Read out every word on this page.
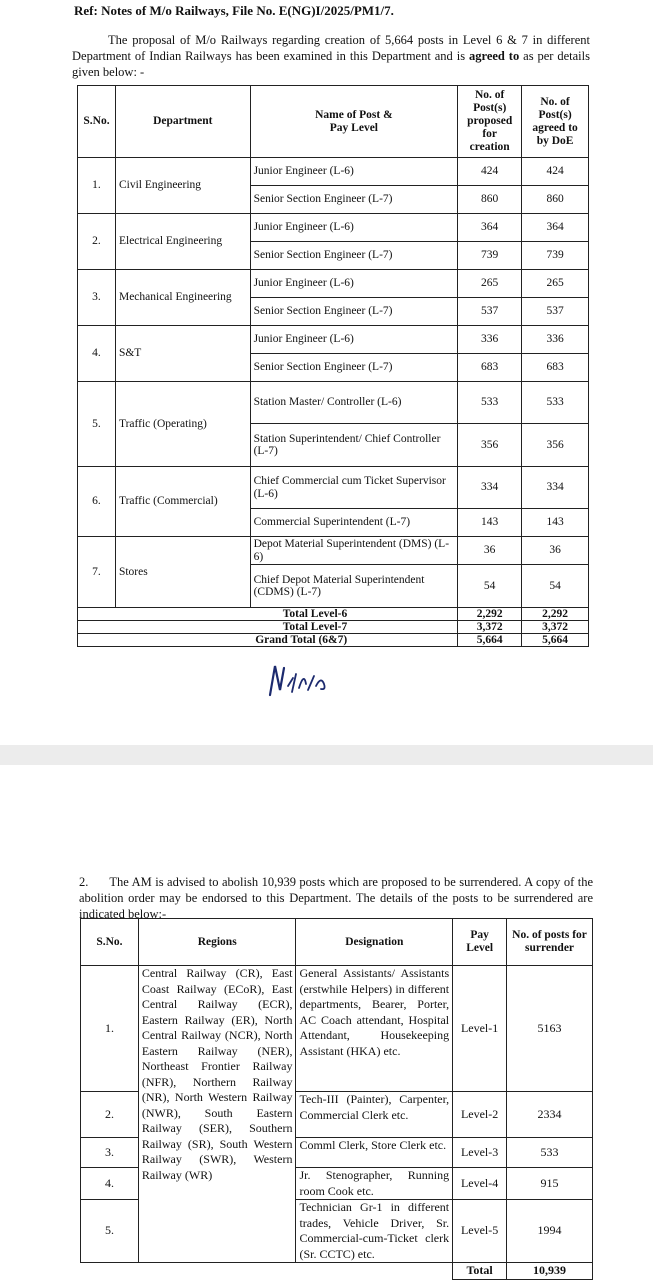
Ref: Notes of M/o Railways, File No. E(NG)I/2025/PM1/7.
The proposal of M/o Railways regarding creation of 5,664 posts in Level 6 & 7 in different Department of Indian Railways has been examined in this Department and is agreed to as per details given below: -
S.No.	Department	Name of Post & Pay Level	No. of Post(s) proposed for creation	No. of Post(s) agreed to by DoE
1.	Civil Engineering	Junior Engineer (L-6)	424	424
		Senior Section Engineer (L-7)	860	860
2.	Electrical Engineering	Junior Engineer (L-6)	364	364
		Senior Section Engineer (L-7)	739	739
3.	Mechanical Engineering	Junior Engineer (L-6)	265	265
		Senior Section Engineer (L-7)	537	537
4.	S&T	Junior Engineer (L-6)	336	336
		Senior Section Engineer (L-7)	683	683
5.	Traffic (Operating)	Station Master/ Controller (L-6)	533	533
		Station Superintendent/ Chief Controller (L-7)	356	356
6.	Traffic (Commercial)	Chief Commercial cum Ticket Supervisor (L-6)	334	334
		Commercial Superintendent (L-7)	143	143
7.	Stores	Depot Material Superintendent (DMS) (L-6)	36	36
		Chief Depot Material Superintendent (CDMS) (L-7)	54	54
Total Level-6			2,292	2,292
Total Level-7			3,372	3,372
Grand Total (6&7)			5,664	5,664
2.      The AM is advised to abolish 10,939 posts which are proposed to be surrendered. A copy of the abolition order may be endorsed to this Department. The details of the posts to be surrendered are indicated below:-
S.No.	Regions	Designation	Pay Level	No. of posts for surrender
1.	Central Railway (CR), East Coast Railway (ECoR), East Central Railway (ECR), Eastern Railway (ER), North Central Railway (NCR), North Eastern Railway (NER), Northeast Frontier Railway (NFR), Northern Railway (NR), North Western Railway (NWR), South Eastern Railway (SER), Southern Railway (SR), South Western Railway (SWR), Western Railway (WR)	General Assistants/ Assistants (erstwhile Helpers) in different departments, Bearer, Porter, AC Coach attendant, Hospital Attendant, Housekeeping Assistant (HKA) etc.	Level-1	5163
2.		Tech-III (Painter), Carpenter, Commercial Clerk etc.	Level-2	2334
3.		Comml Clerk, Store Clerk etc.	Level-3	533
4.		Jr. Stenographer, Running room Cook etc.	Level-4	915
5.		Technician Gr-1 in different trades, Vehicle Driver, Sr. Commercial-cum-Ticket clerk (Sr. CCTC) etc.	Level-5	1994
			Total	10,939
